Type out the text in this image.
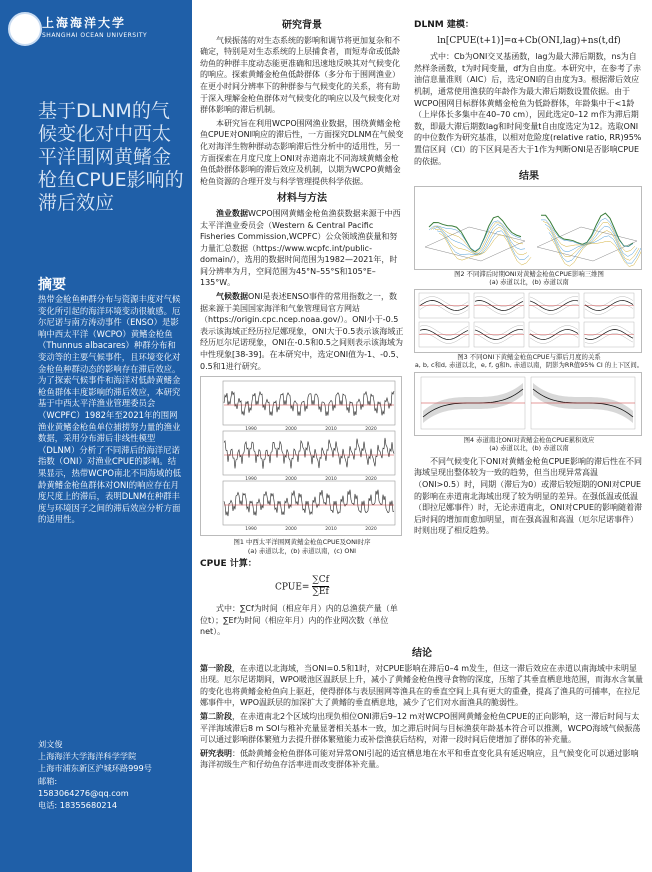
上海海洋大学
SHANGHAI OCEAN UNIVERSITY
基于DLNM的气候变化对中西太平洋围网黄鳍金枪鱼CPUE影响的滞后效应
摘要
热带金枪鱼种群分布与资源丰度对气候变化所引起的海洋环境变动很敏感。厄尔尼诺与南方涛动事件（ENSO）是影响中西太平洋（WCPO）黄鳍金枪鱼（Thunnus albacares）种群分布和变动等的主要气候事件，且环境变化对金枪鱼种群动态的影响存在滞后效应。为了探索气候事件和海洋对低龄黄鳍金枪鱼群体丰度影响的滞后效应，本研究基于中西太平洋渔业管理委员会（WCPFC）1982年至2021年的围网渔业黄鳍金枪鱼单位捕捞努力量的渔业数据，采用分布滞后非线性模型（DLNM）分析了不同滞后的海洋尼诺指数（ONI）对渔业CPUE的影响。结果显示，热带WCPO南北不同海域的低龄黄鳍金枪鱼群体对ONI的响应存在月度尺度上的滞后，表明DLNM在种群丰度与环境因子之间的滞后效应分析方面的适用性。
刘文俊
上海海洋大学海洋科学学院
上海市浦东新区沪城环路999号
邮箱:
1583064276@qq.com
电话: 18355680214
研究背景

气候振荡的对生态系统的影响和调节将更加复杂和不确定，特别是对生态系统的上层捕食者，而短寿命或低龄幼鱼的种群丰度动态能更准确和迅速地反映其对气候变化的响应。探索黄鳍金枪鱼低龄群体（多分布于围网渔业）在更小时间分辨率下的种群参与气候变化的关系，将有助于深入理解金枪鱼群体对气候变化的响应以及气候变化对群体影响的滞后机制。

本研究旨在利用WCPO围网渔业数据，围绕黄鳍金枪鱼CPUE对ONI响应的滞后性，一方面探究DLNM在气候变化对海洋生物种群动态影响滞后性分析中的适用性，另一方面探索在月度尺度上ONI对赤道南北不同海域黄鳍金枪鱼低龄群体影响的滞后效应及机制，以期为WCPO黄鳍金枪鱼资源的合理开发与科学管理提供科学依据。

材料与方法

渔业数据WCPO围网黄鳍金枪鱼渔获数据来源于中西太平洋渔业委员会（Western & Central Pacific Fisheries Commission,WCPFC）公众领域渔获量和努力量汇总数据（https://www.wcpfc.int/public-domain/），选用的数据时间范围为1982—2021年，时间分辨率为月，空间范围为45°N–55°S和105°E–135°W。

气候数据ONI是表述ENSO事件的常用指数之一，数据来源于美国国家海洋和气象管理局官方网站（https://origin.cpc.ncep.noaa.gov/）。ONI小于-0.5表示该海域正经历拉尼娜现象，ONI大于0.5表示该海域正经历厄尔尼诺现象，ONI在-0.5和0.5之间则表示该海域为中性现象[38-39]。在本研究中，选定ONI值为-1、-0.5、0.5和1进行研究。

1990	2000	2010	2020
1990	2000	2010	2020
1990	2000	2010	2020
图1 中西太平洋围网黄鳍金枪鱼CPUE及ONI时序
(a) 赤道以北，(b) 赤道以南，(c) ONI
CPUE 计算：
CPUE= $\frac{\sum Cf}{\sum Ef}$

式中：∑Cf为时间（相应年月）内的总渔获产量（单位t）；∑Ef为时间（相应年月）内的作业网次数（单位net）。

DLNM 建模：
ln[CPUE(t+1)]=α+Cb(ONI,lag)+ns(t,df)

式中：Cb为ONI交叉基函数，lag为最大滞后期数，ns为自然样条函数，t为时间变量，df为自由度。本研究中，在参考了赤油信息量准则（AIC）后，选定ONI的自由度为3。根据滞后效应机制，通常使用渔获的年龄作为最大滞后期数设置依据。由于WCPO围网目标群体黄鳍金枪鱼为低龄群体，年龄集中于<1龄（上岸体长多集中在40–70 cm），因此选定0–12 m作为滞后期数，即最大滞后期数lag和时间变量t自由度选定为12。选取ONI的中位数作为研究基准，以相对危险度(relative ratio, RR)95%置信区间（CI）的下区间是否大于1作为判断ONI是否影响CPUE的依据。

结果
图2 不同滞后时期ONI对黄鳍金枪鱼CPUE影响三维图
(a) 赤道以北，(b) 赤道以南
图3 不同ONI下黄鳍金枪鱼CPUE与滞后月度的关系
a, b, c和d, 赤道以北，e, f, g和h, 赤道以南，阴影为RR值95% CI 的上下区间。
图4 赤道南北ONI对黄鳍金枪鱼CPUE累积效应
(a) 赤道以北，(b) 赤道以南

不同气候变化下ONI对黄鳍金枪鱼CPUE影响的滞后性在不同海域呈现出整体较为一致的趋势，但当出现异常高温（ONI>0.5）时，同期（滞后为0）或滞后较短期的ONI对CPUE的影响在赤道南北海域出现了较为明显的差异。在强低温或低温（即拉尼娜事件）时，无论赤道南北，ONI对CPUE的影响随着滞后时间的增加而愈加明显，而在强高温和高温（厄尔尼诺事件）时则出现了相反趋势。

结论

第一阶段，在赤道以北海域，当ONI=0.5和1时，对CPUE影响在滞后0–4 m发生，但这一滞后效应在赤道以南海域中未明显出现。厄尔尼诺期间，WPO暖池区温跃层上升，减小了黄鳍金枪鱼搜寻食物的深度，压缩了其垂直栖息地范围，而海水含氧量的变化也将黄鳍金枪鱼向上驱赶，使得群体与表层围网等渔具在的垂直空间上具有更大的重叠，提高了渔具的可捕率，在拉尼娜事件中，WPO温跃层的加深扩大了黄鳍的垂直栖息地，减少了它们对水面渔具的脆弱性。

第二阶段，在赤道南北2个区域均出现负相位ONI滞后9–12 m对WCPO围网黄鳍金枪鱼CPUE的正向影响，这一滞后时间与太平洋海域滞后8 m SOI与稚补充量显著相关基本一致，加之滞后时间与目标渔获年龄基本符合可以推测，WCPO海域气候振荡可以通过影响群体繁殖力去提升群体繁殖能力或补偿渔获后结构，对滞一段时间后使增加了群体的补充量。

研究表明：低龄黄鳍金枪鱼群体可能对异常ONI引起的适宜栖息地在水平和垂直变化具有延迟响应，且气候变化可以通过影响海洋初级生产和仔幼鱼存活率进而改变群体补充量。
